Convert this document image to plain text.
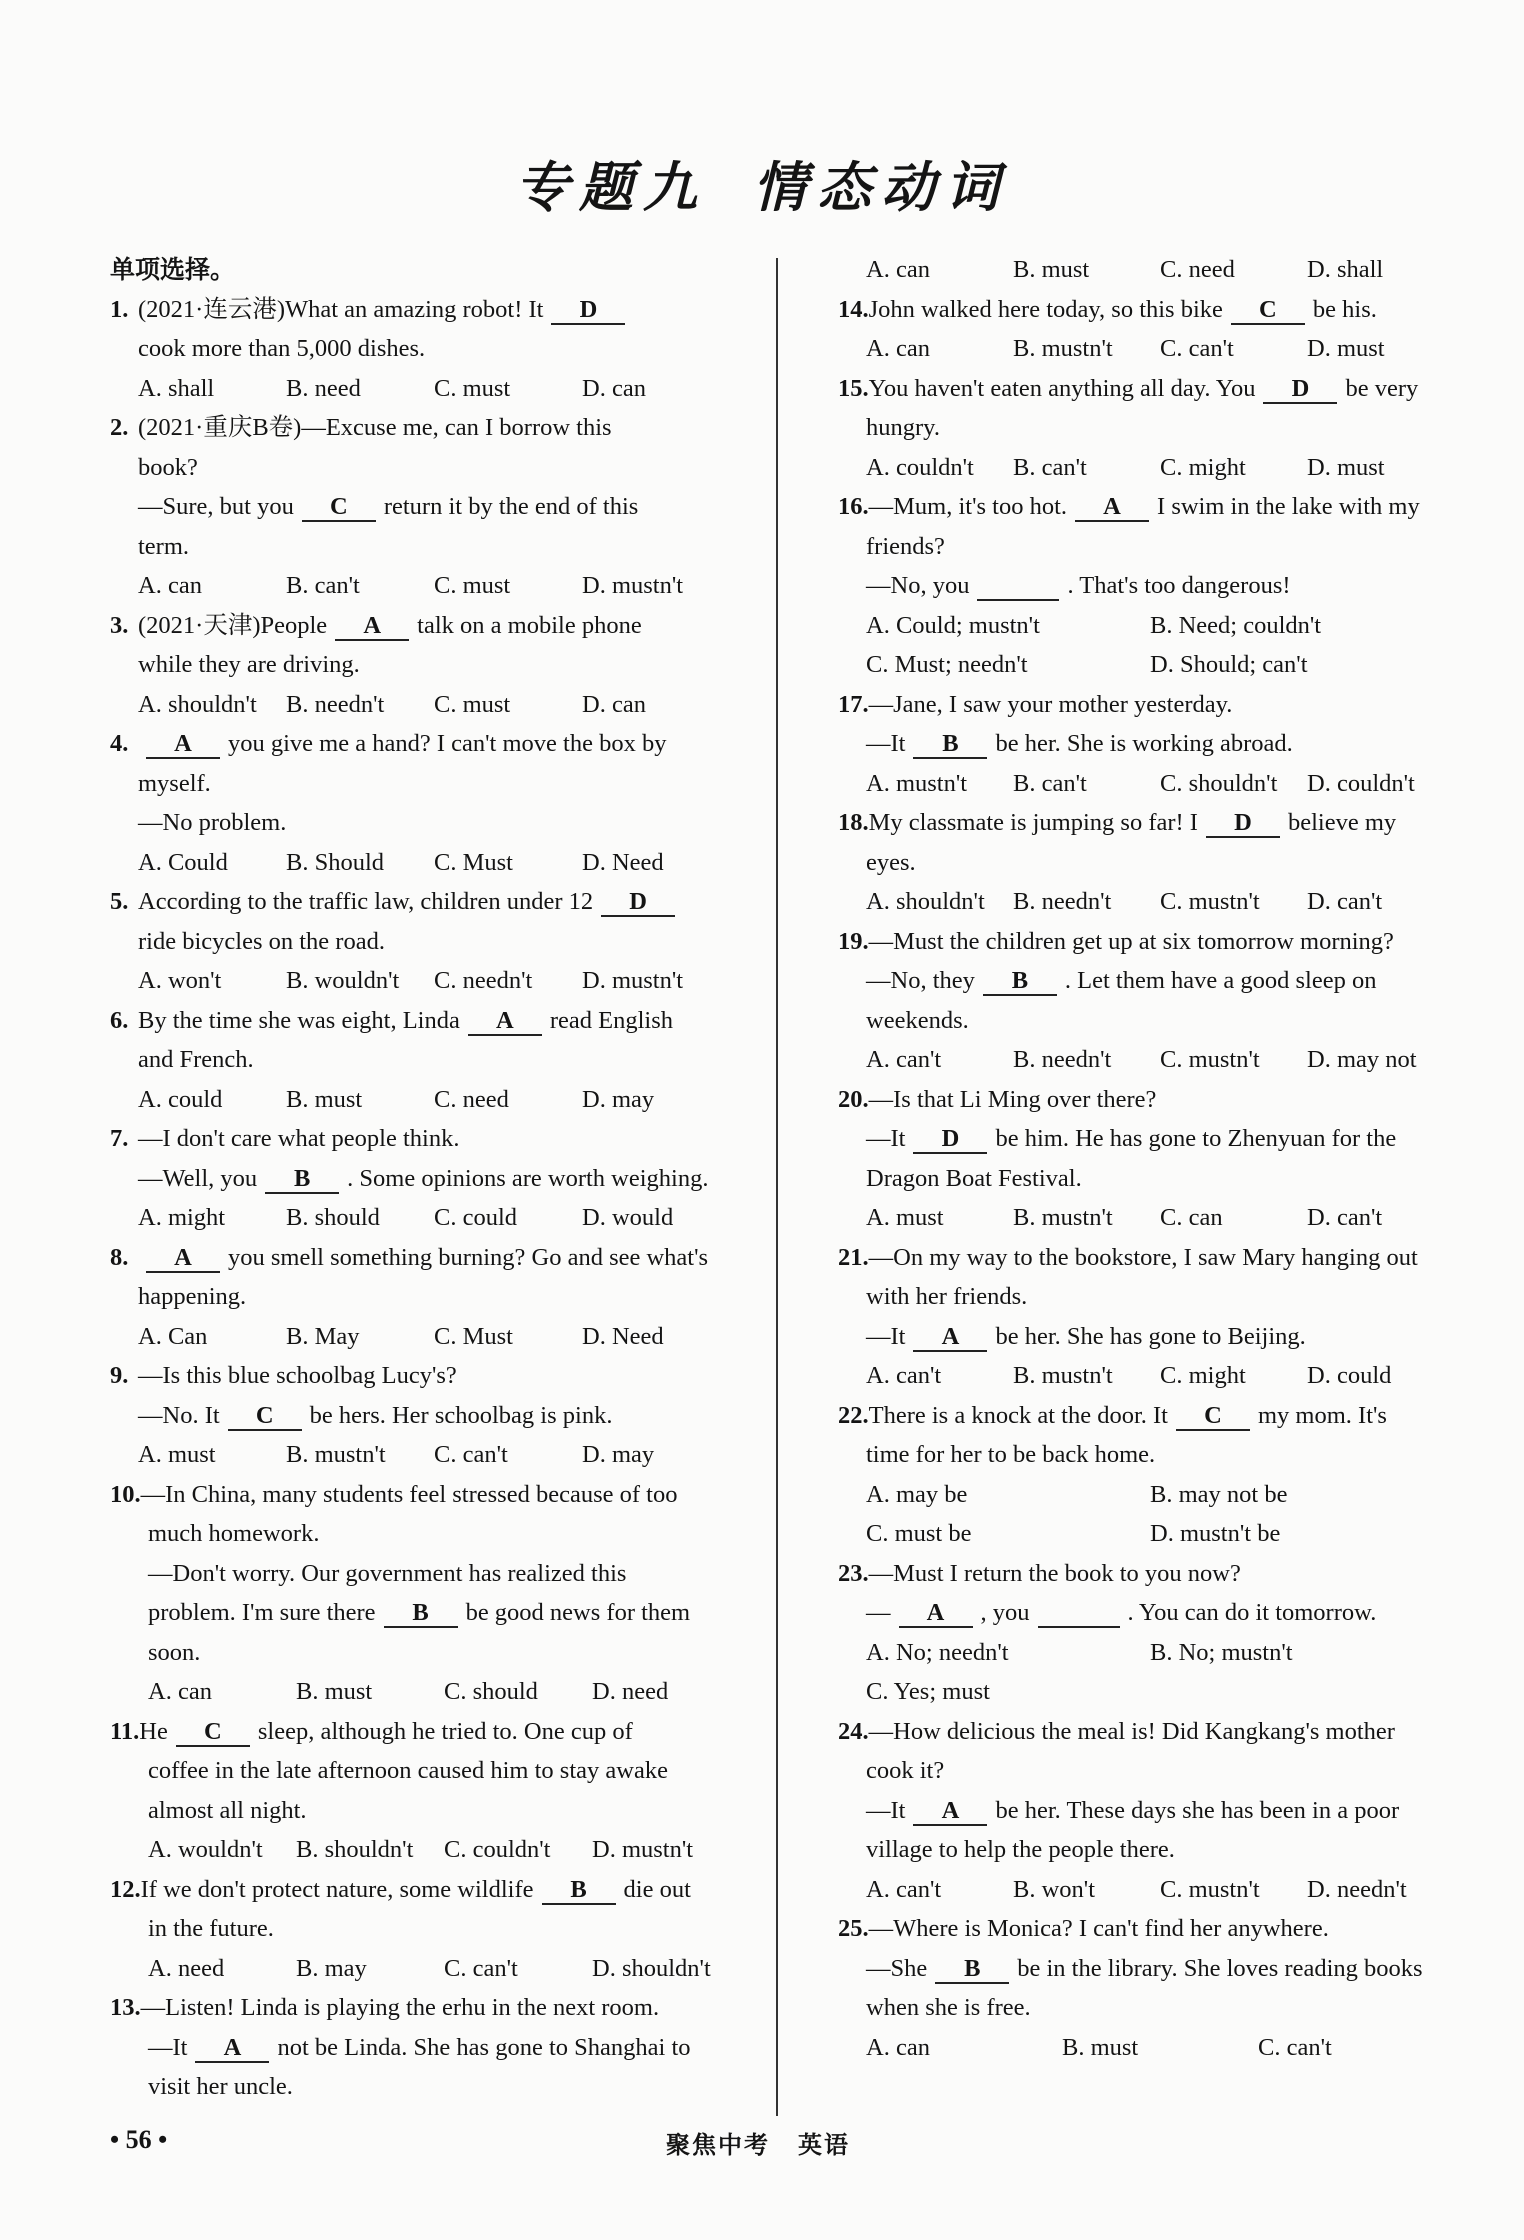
专题九 情态动词
单项选择。
1. (2021·连云港)What an amazing robot! It D
cook more than 5,000 dishes.
A. shall	B. need	C. must	D. can
2. (2021·重庆B卷)—Excuse me, can I borrow this
book?
—Sure, but you C return it by the end of this
term.
A. can	B. can't	C. must	D. mustn't
3. (2021·天津)People A talk on a mobile phone
while they are driving.
A. shouldn't	B. needn't	C. must	D. can
4. A you give me a hand? I can't move the box by
myself.
—No problem.
A. Could	B. Should	C. Must	D. Need
5. According to the traffic law, children under 12 D
ride bicycles on the road.
A. won't	B. wouldn't	C. needn't	D. mustn't
6. By the time she was eight, Linda A read English
and French.
A. could	B. must	C. need	D. may
7. —I don't care what people think.
—Well, you B . Some opinions are worth weighing.
A. might	B. should	C. could	D. would
8. A you smell something burning? Go and see what's
happening.
A. Can	B. May	C. Must	D. Need
9. —Is this blue schoolbag Lucy's?
—No. It C be hers. Her schoolbag is pink.
A. must	B. mustn't	C. can't	D. may
10.—In China, many students feel stressed because of too
much homework.
—Don't worry. Our government has realized this
problem. I'm sure there B be good news for them
soon.
A. can	B. must	C. should	D. need
11.He C sleep, although he tried to. One cup of
coffee in the late afternoon caused him to stay awake
almost all night.
A. wouldn't	B. shouldn't	C. couldn't	D. mustn't
12.If we don't protect nature, some wildlife B die out
in the future.
A. need	B. may	C. can't	D. shouldn't
13.—Listen! Linda is playing the erhu in the next room.
—It A not be Linda. She has gone to Shanghai to
visit her uncle.
A. can	B. must	C. need	D. shall
14.John walked here today, so this bike C be his.
A. can	B. mustn't	C. can't	D. must
15.You haven't eaten anything all day. You D be very
hungry.
A. couldn't	B. can't	C. might	D. must
16.—Mum, it's too hot. A I swim in the lake with my
friends?
—No, you	. That's too dangerous!
A. Could; mustn't	B. Need; couldn't
C. Must; needn't	D. Should; can't
17.—Jane, I saw your mother yesterday.
—It B be her. She is working abroad.
A. mustn't	B. can't	C. shouldn't	D. couldn't
18.My classmate is jumping so far! I D believe my
eyes.
A. shouldn't	B. needn't	C. mustn't	D. can't
19.—Must the children get up at six tomorrow morning?
—No, they B . Let them have a good sleep on
weekends.
A. can't	B. needn't	C. mustn't	D. may not
20.—Is that Li Ming over there?
—It D be him. He has gone to Zhenyuan for the
Dragon Boat Festival.
A. must	B. mustn't	C. can	D. can't
21.—On my way to the bookstore, I saw Mary hanging out
with her friends.
—It A be her. She has gone to Beijing.
A. can't	B. mustn't	C. might	D. could
22.There is a knock at the door. It C my mom. It's
time for her to be back home.
A. may be	B. may not be
C. must be	D. mustn't be
23.—Must I return the book to you now?
— A , you	. You can do it tomorrow.
A. No; needn't	B. No; mustn't
C. Yes; must
24.—How delicious the meal is! Did Kangkang's mother
cook it?
—It A be her. These days she has been in a poor
village to help the people there.
A. can't	B. won't	C. mustn't	D. needn't
25.—Where is Monica? I can't find her anywhere.
—She B be in the library. She loves reading books
when she is free.
A. can	B. must	C. can't
• 56 •	聚焦中考 英语
